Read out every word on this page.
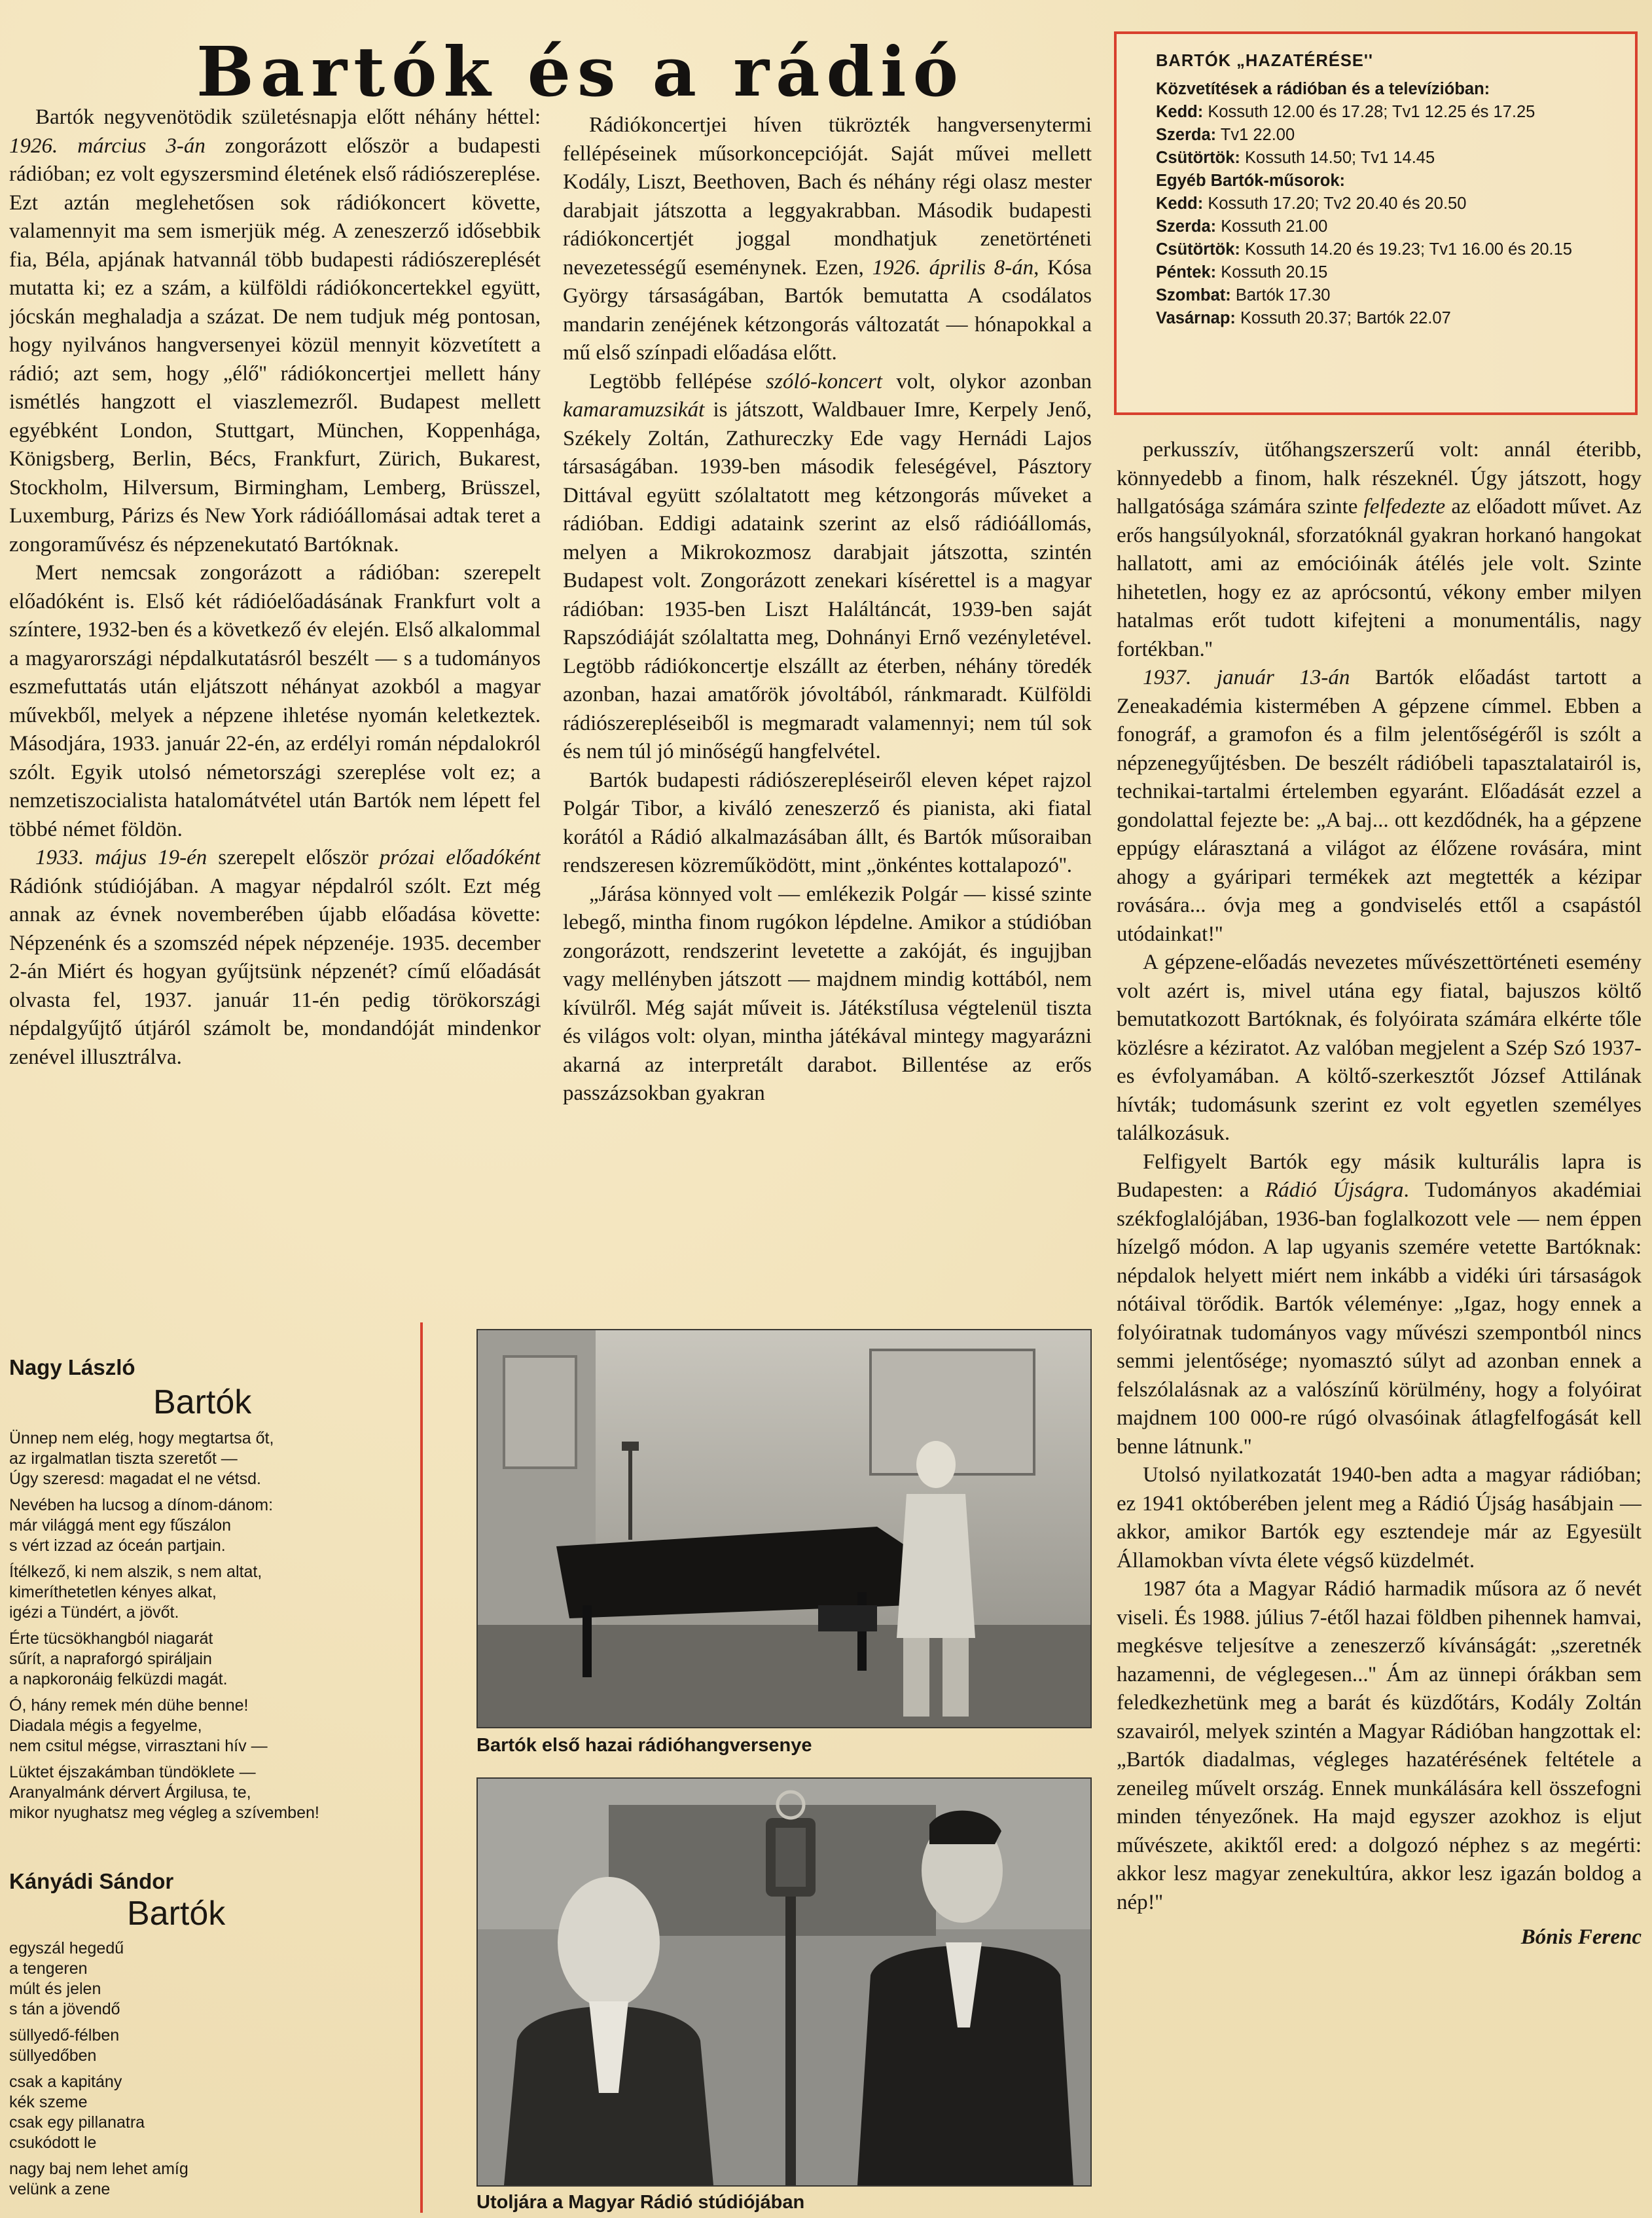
Bartók és a rádió

Bartók negyvenötödik születésnapja előtt néhány héttel: 1926. március 3-án zongorázott először a budapesti rádióban; ez volt egyszersmind életének első rádiószereplése. Ezt aztán meglehetősen sok rádiókoncert követte, valamennyit ma sem ismerjük még. A zeneszerző idősebbik fia, Béla, apjának hatvannál több budapesti rádiószereplését mutatta ki; ez a szám, a külföldi rádiókoncertekkel együtt, jócskán meghaladja a százat. De nem tudjuk még pontosan, hogy nyilvános hangversenyei közül mennyit közvetített a rádió; azt sem, hogy „élő'' rádiókoncertjei mellett hány ismétlés hangzott el viaszlemezről. Budapest mellett egyébként London, Stuttgart, München, Koppenhága, Königsberg, Berlin, Bécs, Frankfurt, Zürich, Bukarest, Stockholm, Hilversum, Birmingham, Lemberg, Brüsszel, Luxemburg, Párizs és New York rádióállomásai adtak teret a zongoraművész és népzenekutató Bartóknak.

Mert nemcsak zongorázott a rádióban: szerepelt előadóként is. Első két rádióelőadásának Frankfurt volt a színtere, 1932-ben és a következő év elején. Első alkalommal a magyarországi népdalkutatásról beszélt — s a tudományos eszmefuttatás után eljátszott néhányat azokból a magyar művekből, melyek a népzene ihletése nyomán keletkeztek. Másodjára, 1933. január 22-én, az erdélyi román népdalokról szólt. Egyik utolsó németországi szereplése volt ez; a nemzetiszocialista hatalomátvétel után Bartók nem lépett fel többé német földön.

1933. május 19-én szerepelt először prózai előadóként Rádiónk stúdiójában. A magyar népdalról szólt. Ezt még annak az évnek novemberében újabb előadása követte: Népzenénk és a szomszéd népek népzenéje. 1935. december 2-án Miért és hogyan gyűjtsünk népzenét? című előadását olvasta fel, 1937. január 11-én pedig törökországi népdalgyűjtő útjáról számolt be, mondandóját mindenkor zenével illusztrálva.

Rádiókoncertjei híven tükrözték hangversenytermi fellépéseinek műsorkoncepcióját. Saját művei mellett Kodály, Liszt, Beethoven, Bach és néhány régi olasz mester darabjait játszotta a leggyakrabban. Második budapesti rádiókoncertjét joggal mondhatjuk zenetörténeti nevezetességű eseménynek. Ezen, 1926. április 8-án, Kósa György társaságában, Bartók bemutatta A csodálatos mandarin zenéjének kétzongorás változatát — hónapokkal a mű első színpadi előadása előtt.

Legtöbb fellépése szóló-koncert volt, olykor azonban kamaramuzsikát is játszott, Waldbauer Imre, Kerpely Jenő, Székely Zoltán, Zathureczky Ede vagy Hernádi Lajos társaságában. 1939-ben második feleségével, Pásztory Dittával együtt szólaltatott meg kétzongorás műveket a rádióban. Eddigi adataink szerint az első rádióállomás, melyen a Mikrokozmosz darabjait játszotta, szintén Budapest volt. Zongorázott zenekari kísérettel is a magyar rádióban: 1935-ben Liszt Haláltáncát, 1939-ben saját Rapszódiáját szólaltatta meg, Dohnányi Ernő vezényletével. Legtöbb rádiókoncertje elszállt az éterben, néhány töredék azonban, hazai amatőrök jóvoltából, ránkmaradt. Külföldi rádiószerepléseiből is megmaradt valamennyi; nem túl sok és nem túl jó minőségű hangfelvétel.

Bartók budapesti rádiószerepléseiről eleven képet rajzol Polgár Tibor, a kiváló zeneszerző és pianista, aki fiatal korától a Rádió alkalmazásában állt, és Bartók műsoraiban rendszeresen közreműködött, mint „önkéntes kottalapozó''.

„Járása könnyed volt — emlékezik Polgár — kissé szinte lebegő, mintha finom rugókon lépdelne. Amikor a stúdióban zongorázott, rendszerint levetette a zakóját, és ingujjban vagy mellényben játszott — majdnem mindig kottából, nem kívülről. Még saját műveit is. Játékstílusa végtelenül tiszta és világos volt: olyan, mintha játékával mintegy magyarázni akarná az interpretált darabot. Billentése az erős passzázsokban gyakran

perkusszív, ütőhangszerszerű volt: annál éteribb, könnyedebb a finom, halk részeknél. Úgy játszott, hogy hallgatósága számára szinte felfedezte az előadott művet. Az erős hangsúlyoknál, sforzatóknál gyakran horkanó hangokat hallatott, ami az emócióinák átélés jele volt. Szinte hihetetlen, hogy ez az aprócsontú, vékony ember milyen hatalmas erőt tudott kifejteni a monumentális, nagy fortékban.''

1937. január 13-án Bartók előadást tartott a Zeneakadémia kistermében A gépzene címmel. Ebben a fonográf, a gramofon és a film jelentőségéről is szólt a népzenegyűjtésben. De beszélt rádióbeli tapasztalatairól is, technikai-tartalmi értelemben egyaránt. Előadását ezzel a gondolattal fejezte be: „A baj... ott kezdődnék, ha a gépzene eppúgy elárasztaná a világot az élőzene rovására, mint ahogy a gyáripari termékek azt megtették a kézipar rovására... óvja meg a gondviselés ettől a csapástól utódainkat!''

A gépzene-előadás nevezetes művészettörténeti esemény volt azért is, mivel utána egy fiatal, bajuszos költő bemutatkozott Bartóknak, és folyóirata számára elkérte tőle közlésre a kéziratot. Az valóban megjelent a Szép Szó 1937-es évfolyamában. A költő-szerkesztőt József Attilának hívták; tudomásunk szerint ez volt egyetlen személyes találkozásuk.

Felfigyelt Bartók egy másik kulturális lapra is Budapesten: a Rádió Újságra. Tudományos akadémiai székfoglalójában, 1936-ban foglalkozott vele — nem éppen hízelgő módon. A lap ugyanis szemére vetette Bartóknak: népdalok helyett miért nem inkább a vidéki úri társaságok nótáival törődik. Bartók véleménye: „Igaz, hogy ennek a folyóiratnak tudományos vagy művészi szempontból nincs semmi jelentősége; nyomasztó súlyt ad azonban ennek a felszólalásnak az a valószínű körülmény, hogy a folyóirat majdnem 100 000-re rúgó olvasóinak átlagfelfogását kell benne látnunk.''

Utolsó nyilatkozatát 1940-ben adta a magyar rádióban; ez 1941 októberében jelent meg a Rádió Újság hasábjain — akkor, amikor Bartók egy esztendeje már az Egyesült Államokban vívta élete végső küzdelmét.

1987 óta a Magyar Rádió harmadik műsora az ő nevét viseli. És 1988. július 7-étől hazai földben pihennek hamvai, megkésve teljesítve a zeneszerző kívánságát: „szeretnék hazamenni, de véglegesen...'' Ám az ünnepi órákban sem feledkezhetünk meg a barát és küzdőtárs, Kodály Zoltán szavairól, melyek szintén a Magyar Rádióban hangzottak el: „Bartók diadalmas, végleges hazatérésének feltétele a zeneileg művelt ország. Ennek munkálására kell összefogni minden tényezőnek. Ha majd egyszer azokhoz is eljut művészete, akiktől ered: a dolgozó néphez s az megérti: akkor lesz magyar zenekultúra, akkor lesz igazán boldog a nép!''

Bónis Ferenc

BARTÓK „HAZATÉRÉSE''
Közvetítések a rádióban és a televízióban:
Kedd: Kossuth 12.00 és 17.28; Tv1 12.25 és 17.25
Szerda: Tv1 22.00
Csütörtök: Kossuth 14.50; Tv1 14.45
Egyéb Bartók-műsorok:
Kedd: Kossuth 17.20; Tv2 20.40 és 20.50
Szerda: Kossuth 21.00
Csütörtök: Kossuth 14.20 és 19.23; Tv1 16.00 és 20.15
Péntek: Kossuth 20.15
Szombat: Bartók 17.30
Vasárnap: Kossuth 20.37; Bartók 22.07
Nagy László
Bartók
Ünnep nem elég, hogy megtartsa őt,
az irgalmatlan tiszta szeretőt —
Úgy szeresd: magadat el ne vétsd.
Nevében ha lucsog a dínom-dánom:
már világgá ment egy fűszálon
s vért izzad az óceán partjain.
Ítélkező, ki nem alszik, s nem altat,
kimeríthetetlen kényes alkat,
igézi a Tündért, a jövőt.
Érte tücsökhangból niagarát
sűrít, a napraforgó spiráljain
a napkoronáig felküzdi magát.
Ó, hány remek mén dühe benne!
Diadala mégis a fegyelme,
nem csitul mégse, virrasztani hív —
Lüktet éjszakámban tündöklete —
Aranyalmánk dérvert Árgilusa, te,
mikor nyughatsz meg végleg a szívemben!
Kányádi Sándor
Bartók
egyszál hegedű
a tengeren
múlt és jelen
s tán a jövendő
süllyedő-félben
süllyedőben
csak a kapitány
kék szeme
csak egy pillanatra
csukódott le
nagy baj nem lehet amíg
velünk a zene
Bartók első hazai rádióhangversenye
Utoljára a Magyar Rádió stúdiójában
